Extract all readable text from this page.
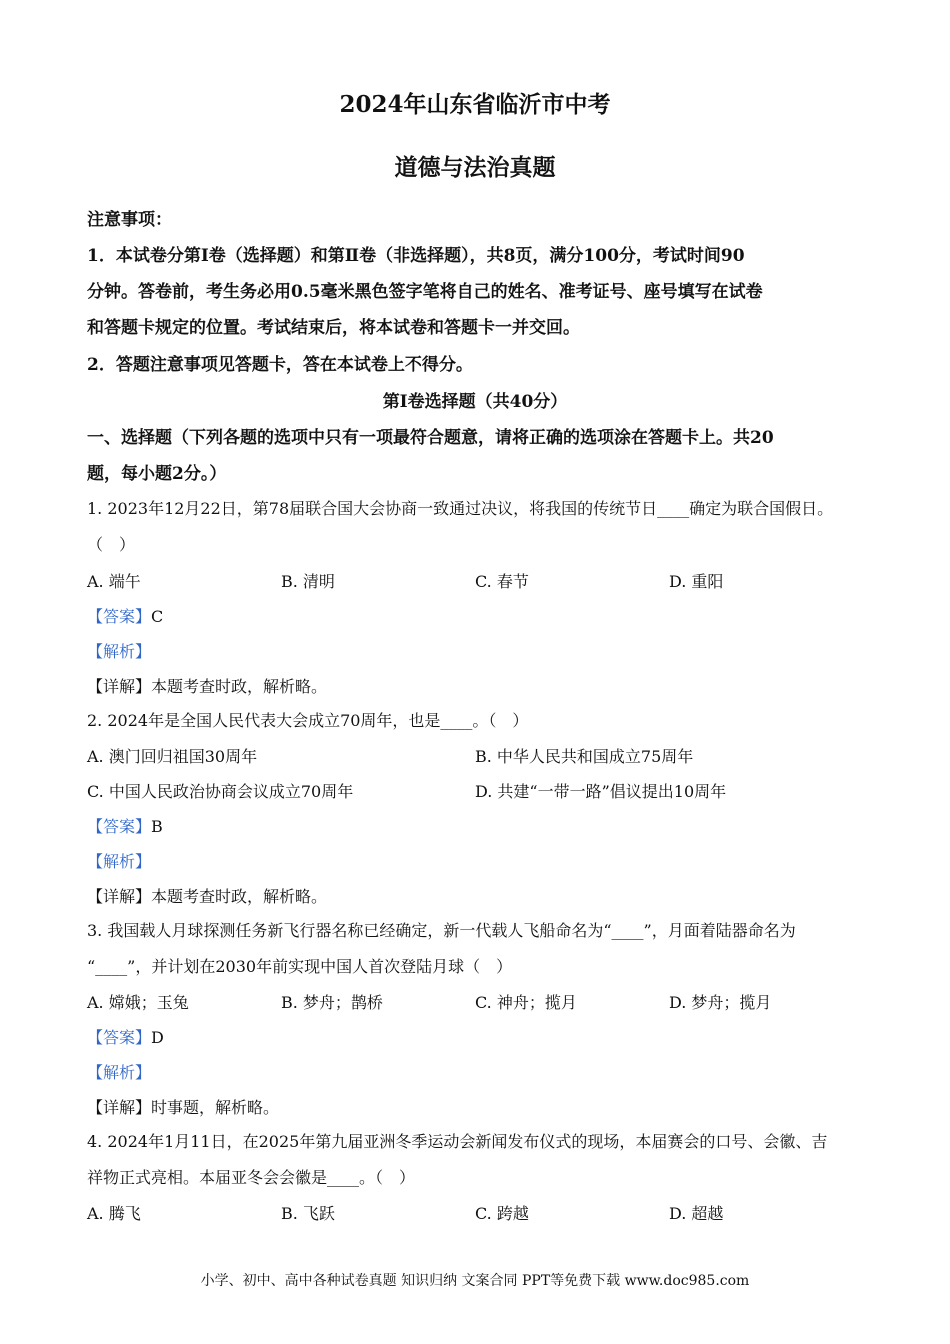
2024年山东省临沂市中考
道德与法治真题
注意事项：
1．本试卷分第Ⅰ卷（选择题）和第Ⅱ卷（非选择题），共8页，满分100分，考试时间90
分钟。答卷前，考生务必用0.5毫米黑色签字笔将自己的姓名、准考证号、座号填写在试卷
和答题卡规定的位置。考试结束后，将本试卷和答题卡一并交回。
2．答题注意事项见答题卡，答在本试卷上不得分。
第Ⅰ卷选择题（共40分）
一、选择题（下列各题的选项中只有一项最符合题意，请将正确的选项涂在答题卡上。共20
题，每小题2分。）
1. 2023年12月22日，第78届联合国大会协商一致通过决议，将我国的传统节日____确定为联合国假日。
（　）
A. 端午	B. 清明	C. 春节	D. 重阳
【答案】C
【解析】
【详解】本题考查时政，解析略。
2. 2024年是全国人民代表大会成立70周年，也是____。（　）
A. 澳门回归祖国30周年	B. 中华人民共和国成立75周年
C. 中国人民政治协商会议成立70周年	D. 共建“一带一路”倡议提出10周年
【答案】B
【解析】
【详解】本题考查时政，解析略。
3. 我国载人月球探测任务新飞行器名称已经确定，新一代载人飞船命名为“____”，月面着陆器命名为
“____”，并计划在2030年前实现中国人首次登陆月球（　）
A. 嫦娥；玉兔	B. 梦舟；鹊桥	C. 神舟；揽月	D. 梦舟；揽月
【答案】D
【解析】
【详解】时事题，解析略。
4. 2024年1月11日，在2025年第九届亚洲冬季运动会新闻发布仪式的现场，本届赛会的口号、会徽、吉
祥物正式亮相。本届亚冬会会徽是____。（　）
A. 腾飞	B. 飞跃	C. 跨越	D. 超越
小学、初中、高中各种试卷真题 知识归纳 文案合同 PPT等免费下载 www.doc985.com
